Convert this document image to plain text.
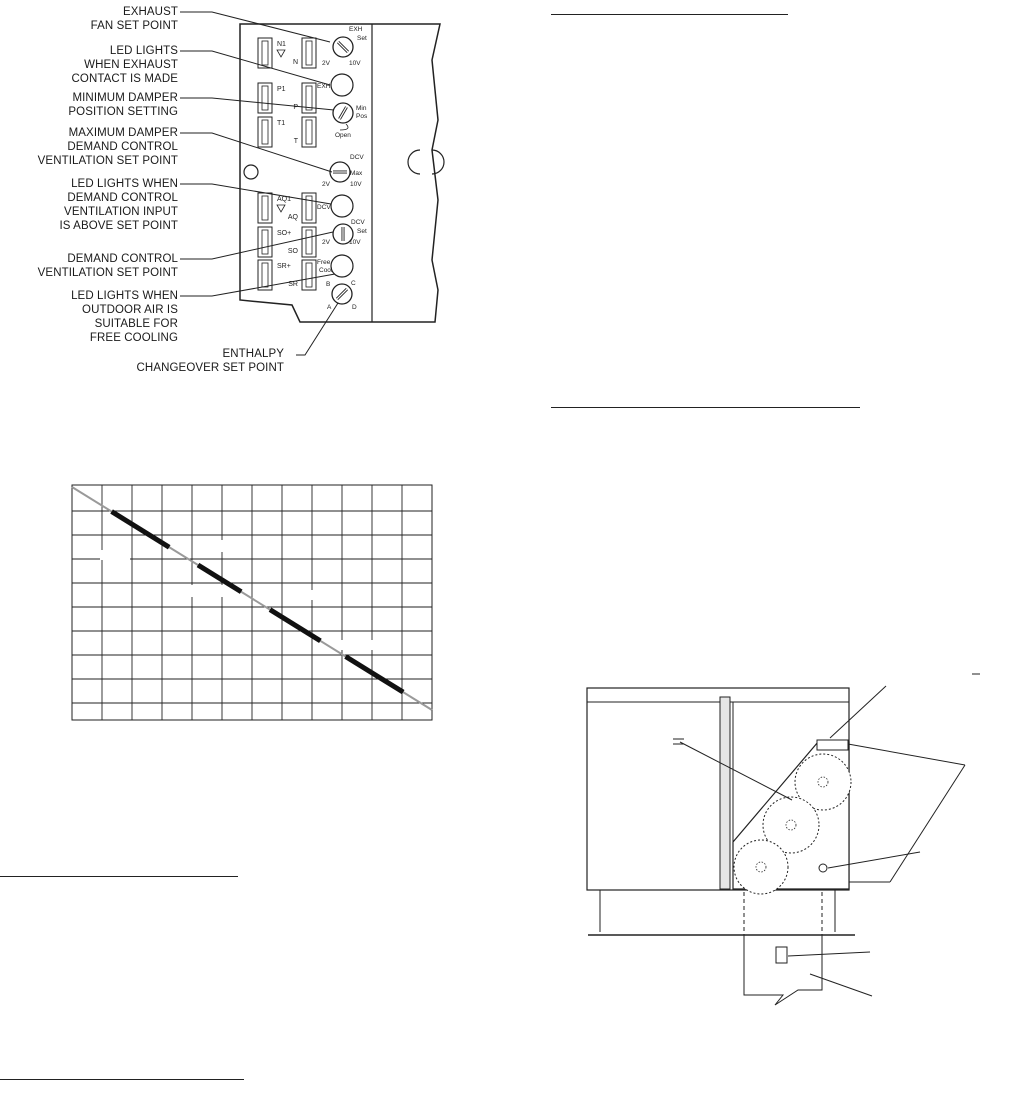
EXHAUST
FAN SET POINT
LED LIGHTS
WHEN EXHAUST
CONTACT IS MADE
MINIMUM DAMPER
POSITION SETTING
MAXIMUM DAMPER
DEMAND CONTROL
VENTILATION SET POINT
LED LIGHTS WHEN
DEMAND CONTROL
VENTILATION INPUT
IS ABOVE SET POINT
DEMAND CONTROL
VENTILATION SET POINT
LED LIGHTS WHEN
OUTDOOR AIR IS
SUITABLE FOR
FREE COOLING
ENTHALPY
CHANGEOVER SET POINT
N1
P1
T1
AQ1
SO+
SR+
N
P
T
AQ
SO
SR
EXH
Set
2V	10V
Min
Pos
Open
DCV
Max
2V	10V
DCV
Set
2V	10V
A
B	C
D
EXH
DCV
Free
Cool
